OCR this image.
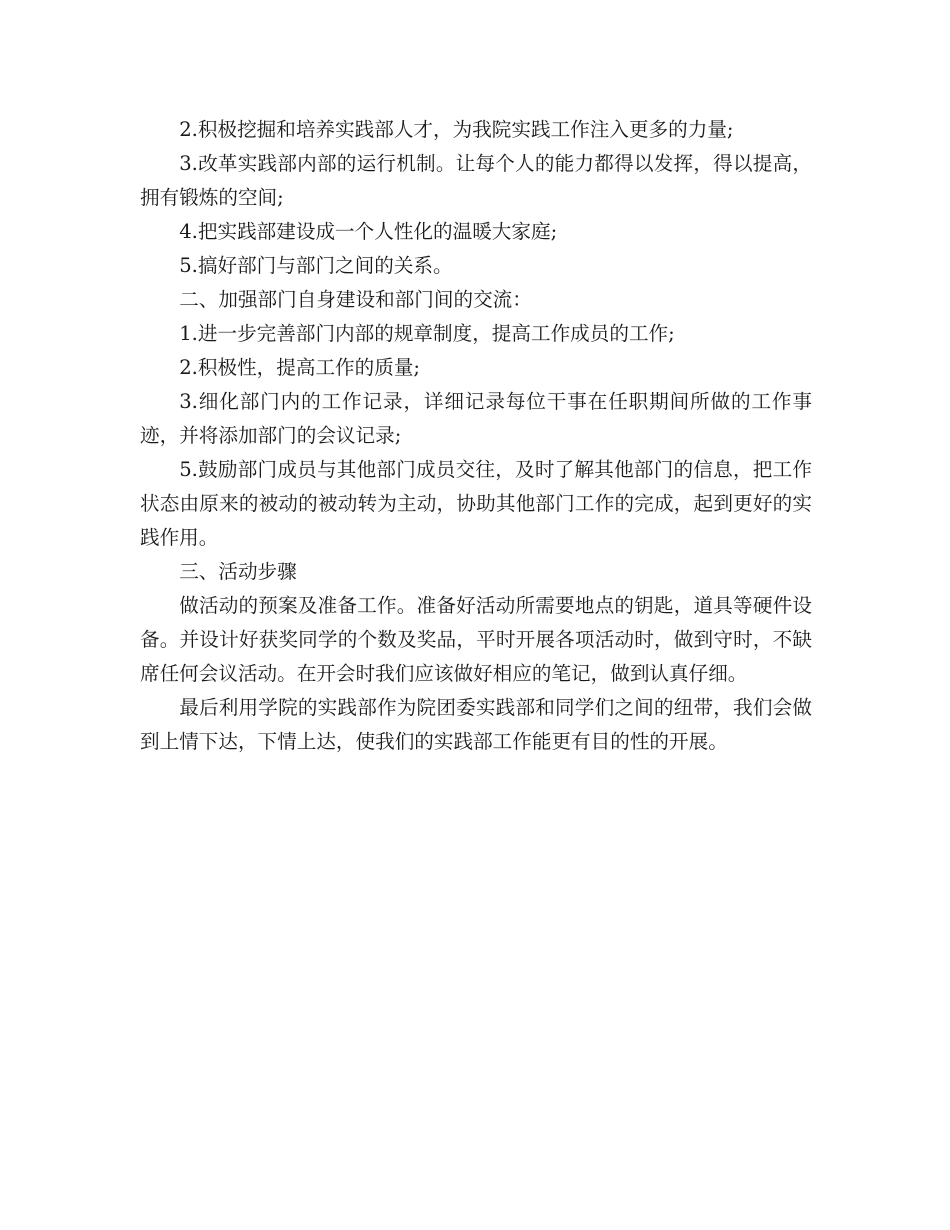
2.积极挖掘和培养实践部人才，为我院实践工作注入更多的力量;

3.改革实践部内部的运行机制。让每个人的能力都得以发挥，得以提高，拥有锻炼的空间;

4.把实践部建设成一个人性化的温暖大家庭;

5.搞好部门与部门之间的关系。

二、加强部门自身建设和部门间的交流：

1.进一步完善部门内部的规章制度，提高工作成员的工作;

2.积极性，提高工作的质量;

3.细化部门内的工作记录，详细记录每位干事在任职期间所做的工作事迹，并将添加部门的会议记录;

5.鼓励部门成员与其他部门成员交往，及时了解其他部门的信息，把工作状态由原来的被动的被动转为主动，协助其他部门工作的完成，起到更好的实践作用。

三、活动步骤

做活动的预案及准备工作。准备好活动所需要地点的钥匙，道具等硬件设备。并设计好获奖同学的个数及奖品，平时开展各项活动时，做到守时，不缺席任何会议活动。在开会时我们应该做好相应的笔记，做到认真仔细。

最后利用学院的实践部作为院团委实践部和同学们之间的纽带，我们会做到上情下达，下情上达，使我们的实践部工作能更有目的性的开展。
